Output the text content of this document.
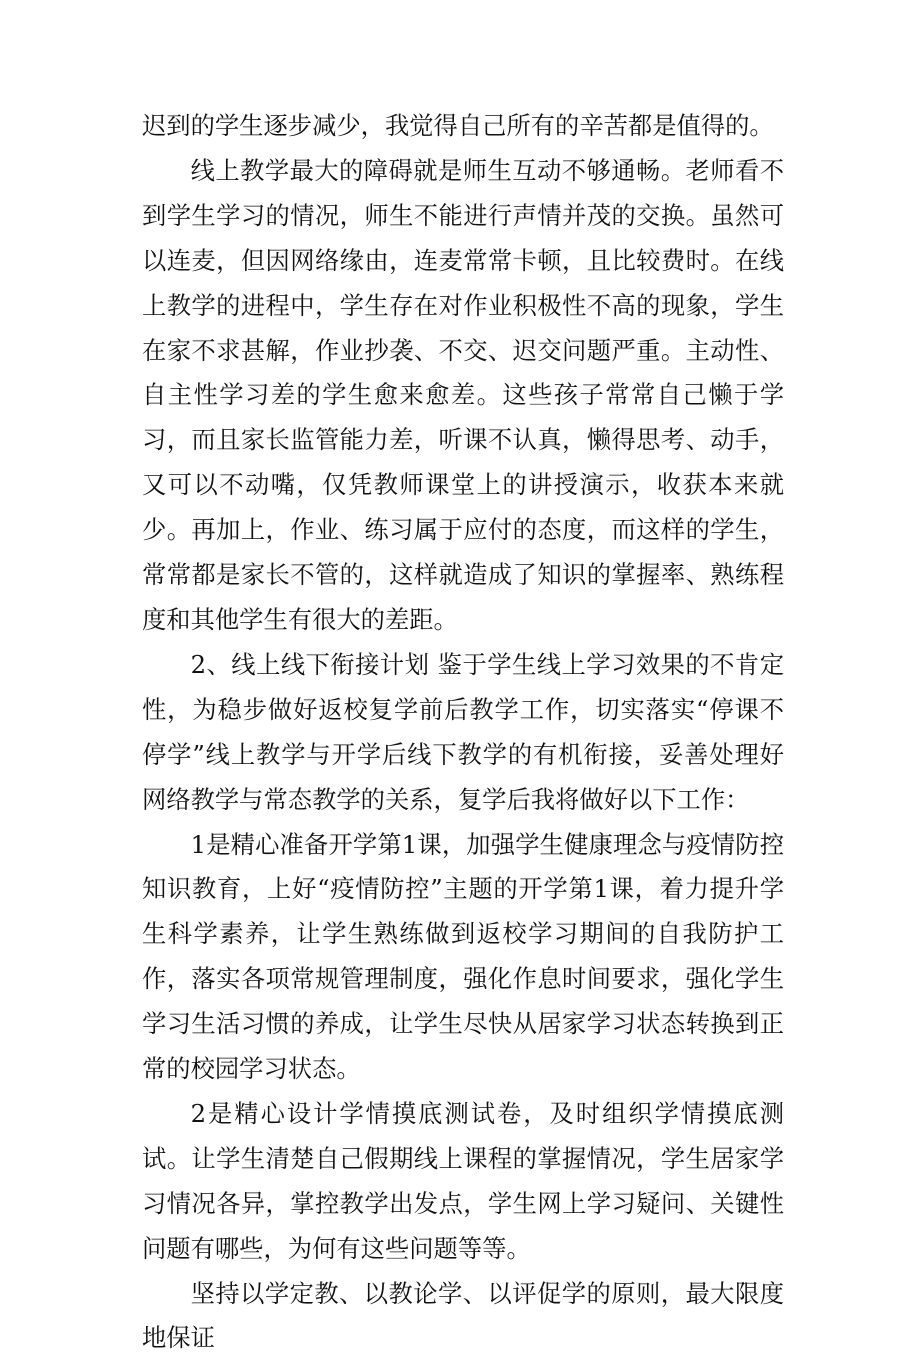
迟到的学生逐步减少，我觉得自己所有的辛苦都是值得的。

线上教学最大的障碍就是师生互动不够通畅。老师看不到学生学习的情况，师生不能进行声情并茂的交换。虽然可以连麦，但因网络缘由，连麦常常卡顿，且比较费时。在线上教学的进程中，学生存在对作业积极性不高的现象，学生在家不求甚解，作业抄袭、不交、迟交问题严重。主动性、自主性学习差的学生愈来愈差。这些孩子常常自己懒于学习，而且家长监管能力差，听课不认真，懒得思考、动手，又可以不动嘴，仅凭教师课堂上的讲授演示，收获本来就少。再加上，作业、练习属于应付的态度，而这样的学生，常常都是家长不管的，这样就造成了知识的掌握率、熟练程度和其他学生有很大的差距。

2、线上线下衔接计划 鉴于学生线上学习效果的不肯定性，为稳步做好返校复学前后教学工作，切实落实“停课不停学”线上教学与开学后线下教学的有机衔接，妥善处理好网络教学与常态教学的关系，复学后我将做好以下工作：

1是精心准备开学第1课，加强学生健康理念与疫情防控知识教育，上好“疫情防控”主题的开学第1课，着力提升学生科学素养，让学生熟练做到返校学习期间的自我防护工作，落实各项常规管理制度，强化作息时间要求，强化学生学习生活习惯的养成，让学生尽快从居家学习状态转换到正常的校园学习状态。

2是精心设计学情摸底测试卷，及时组织学情摸底测试。让学生清楚自己假期线上课程的掌握情况，学生居家学习情况各异，掌控教学出发点，学生网上学习疑问、关键性问题有哪些，为何有这些问题等等。

坚持以学定教、以教论学、以评促学的原则，最大限度地保证
